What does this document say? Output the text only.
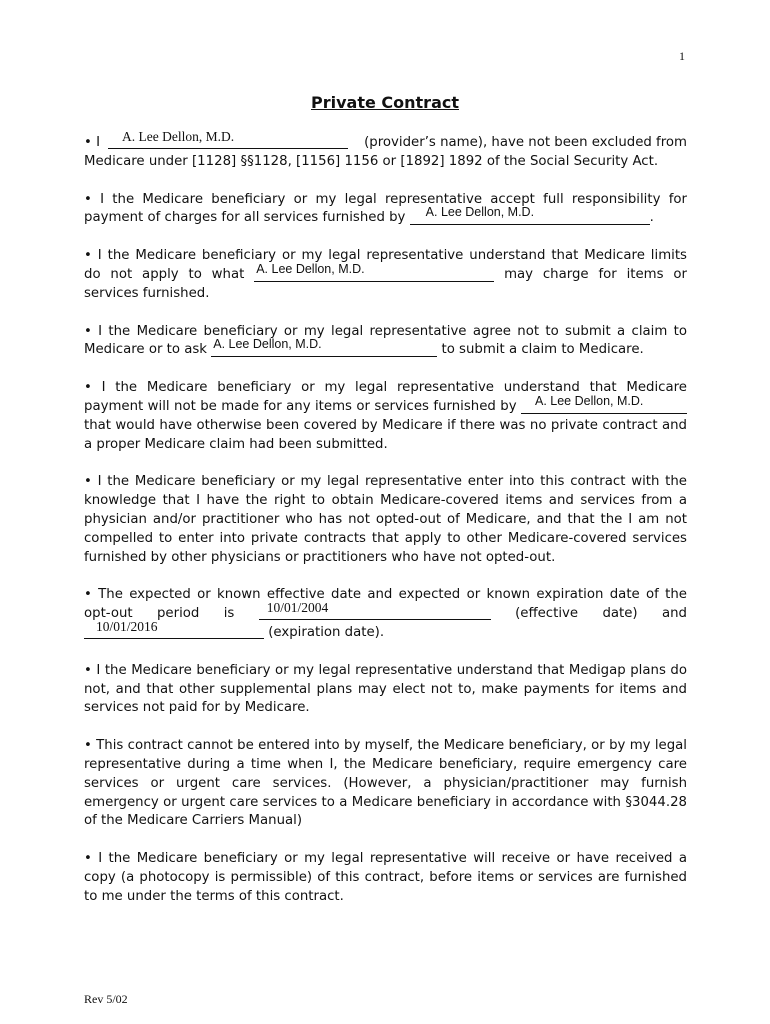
1
Private Contract
• I	A. Lee Dellon, M.D.	(provider’s name), have not been excluded from
Medicare under [1128] §§1128, [1156] 1156 or [1892] 1892 of the Social Security Act.
• I the Medicare beneficiary or my legal representative accept full responsibility for payment of charges for all services furnished by A. Lee Dellon, M.D.	.
• I the Medicare beneficiary or my legal representative understand that Medicare limits do not apply to what A. Lee Dellon, M.D.	may charge for items or services furnished.
• I the Medicare beneficiary or my legal representative agree not to submit a claim to Medicare or to ask A. Lee Dellon, M.D.	to submit a claim to Medicare.
• I the Medicare beneficiary or my legal representative understand that Medicare payment will not be made for any items or services furnished by A. Lee Dellon, M.D. that would have otherwise been covered by Medicare if there was no private contract and a proper Medicare claim had been submitted.
• I the Medicare beneficiary or my legal representative enter into this contract with the knowledge that I have the right to obtain Medicare-covered items and services from a physician and/or practitioner who has not opted-out of Medicare, and that the I am not compelled to enter into private contracts that apply to other Medicare-covered services furnished by other physicians or practitioners who have not opted-out.
• The expected or known effective date and expected or known expiration date of the opt-out period is 10/01/2004	(effective date) and 10/01/2016	(expiration date).
• I the Medicare beneficiary or my legal representative understand that Medigap plans do not, and that other supplemental plans may elect not to, make payments for items and services not paid for by Medicare.
• This contract cannot be entered into by myself, the Medicare beneficiary, or by my legal representative during a time when I, the Medicare beneficiary, require emergency care services or urgent care services. (However, a physician/practitioner may furnish emergency or urgent care services to a Medicare beneficiary in accordance with §3044.28 of the Medicare Carriers Manual)
• I the Medicare beneficiary or my legal representative will receive or have received a copy (a photocopy is permissible) of this contract, before items or services are furnished to me under the terms of this contract.
Rev 5/02
